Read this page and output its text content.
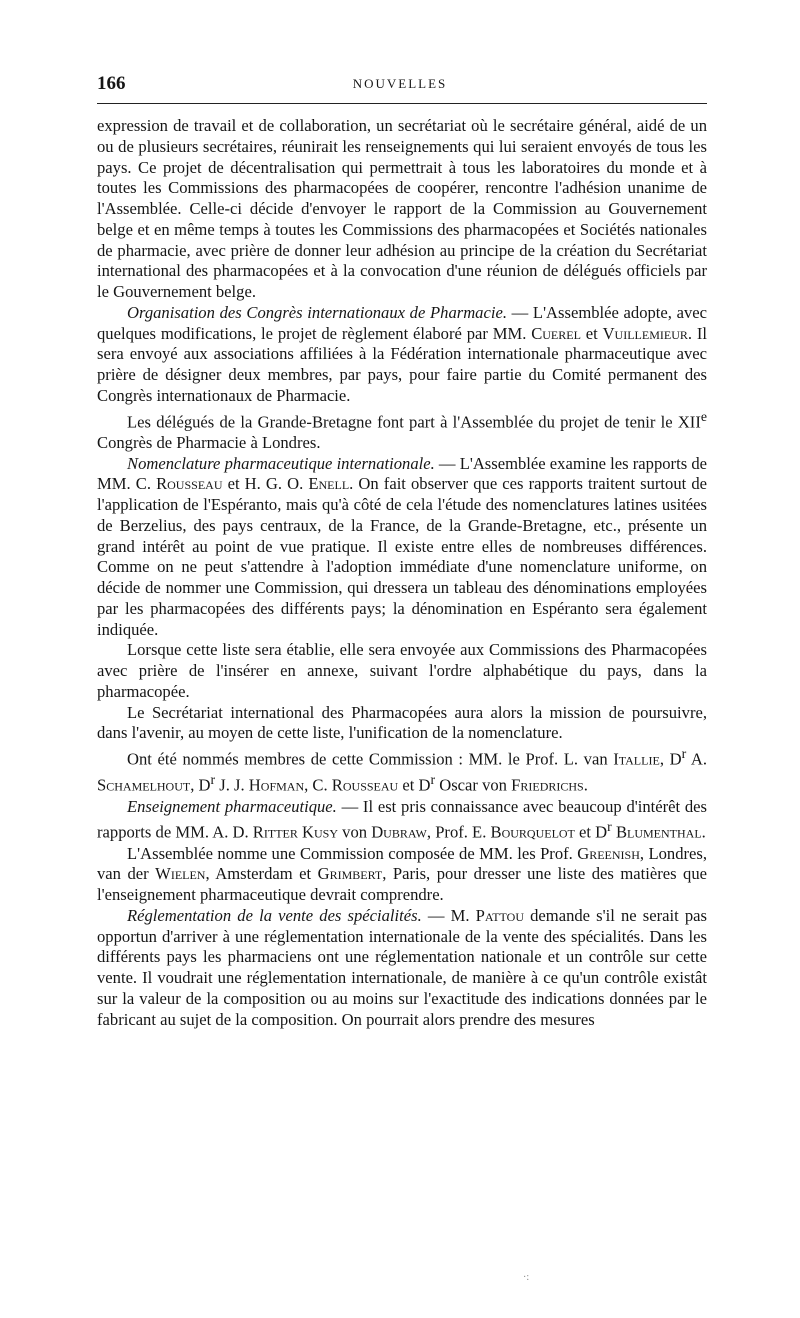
166	NOUVELLES

expression de travail et de collaboration, un secrétariat où le secrétaire général, aidé de un ou de plusieurs secrétaires, réunirait les renseignements qui lui seraient envoyés de tous les pays. Ce projet de décentralisation qui permettrait à tous les laboratoires du monde et à toutes les Commissions des pharmacopées de coopérer, rencontre l'adhésion unanime de l'Assemblée. Celle-ci décide d'envoyer le rapport de la Commission au Gouvernement belge et en même temps à toutes les Commissions des pharmacopées et Sociétés nationales de pharmacie, avec prière de donner leur adhésion au principe de la création du Secrétariat international des pharmacopées et à la convocation d'une réunion de délégués officiels par le Gouvernement belge.

Organisation des Congrès internationaux de Pharmacie. — L'Assemblée adopte, avec quelques modifications, le projet de règlement élaboré par MM. Cuerel et Vuillemieur. Il sera envoyé aux associations affiliées à la Fédération internationale pharmaceutique avec prière de désigner deux membres, par pays, pour faire partie du Comité permanent des Congrès internationaux de Pharmacie.

Les délégués de la Grande-Bretagne font part à l'Assemblée du projet de tenir le XIIe Congrès de Pharmacie à Londres.

Nomenclature pharmaceutique internationale. — L'Assemblée examine les rapports de MM. C. Rousseau et H. G. O. Enell. On fait observer que ces rapports traitent surtout de l'application de l'Espéranto, mais qu'à côté de cela l'étude des nomenclatures latines usitées de Berzelius, des pays centraux, de la France, de la Grande-Bretagne, etc., présente un grand intérêt au point de vue pratique. Il existe entre elles de nombreuses différences. Comme on ne peut s'attendre à l'adoption immédiate d'une nomenclature uniforme, on décide de nommer une Commission, qui dressera un tableau des dénominations employées par les pharmacopées des différents pays; la dénomination en Espéranto sera également indiquée.

Lorsque cette liste sera établie, elle sera envoyée aux Commissions des Pharmacopées avec prière de l'insérer en annexe, suivant l'ordre alphabétique du pays, dans la pharmacopée.

Le Secrétariat international des Pharmacopées aura alors la mission de poursuivre, dans l'avenir, au moyen de cette liste, l'unification de la nomenclature.

Ont été nommés membres de cette Commission : MM. le Prof. L. van Itallie, $D^r$ A. Schamelhout, $D^r$ J. J. Hofman, C. Rousseau et $D^r$ Oscar von Friedrichs.

Enseignement pharmaceutique. — Il est pris connaissance avec beaucoup d'intérêt des rapports de MM. A. D. Ritter Kusy von Dubraw, Prof. E. Bourquelot et $D^r$ Blumenthal.

L'Assemblée nomme une Commission composée de MM. les Prof. Greenish, Londres, van der Wielen, Amsterdam et Grimbert, Paris, pour dresser une liste des matières que l'enseignement pharmaceutique devrait comprendre.

Réglementation de la vente des spécialités. — M. Pattou demande s'il ne serait pas opportun d'arriver à une réglementation internationale de la vente des spécialités. Dans les différents pays les pharmaciens ont une réglementation nationale et un contrôle sur cette vente. Il voudrait une réglementation internationale, de manière à ce qu'un contrôle existât sur la valeur de la composition ou au moins sur l'exactitude des indications données par le fabricant au sujet de la composition. On pourrait alors prendre des mesures

·:
